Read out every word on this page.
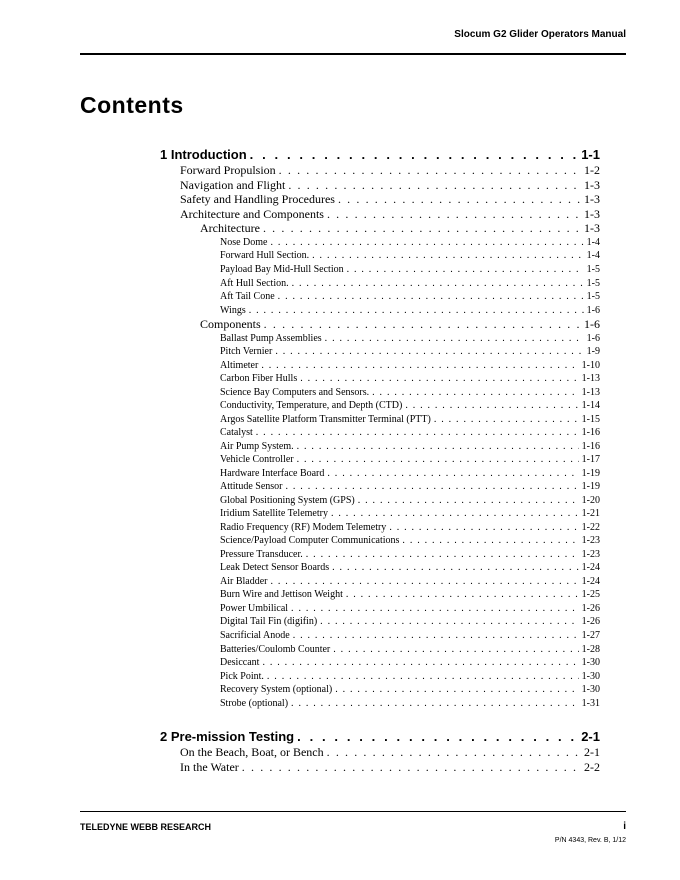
Slocum G2 Glider Operators Manual
Contents
1 Introduction . . .	1-1
Forward Propulsion . . .	1-2
Navigation and Flight . . .	1-3
Safety and Handling Procedures . . .	1-3
Architecture and Components . . .	1-3
Architecture . . .	1-3
Nose Dome . . .	1-4
Forward Hull Section. . . .	1-4
Payload Bay Mid-Hull Section . . .	1-5
Aft Hull Section. . . .	1-5
Aft Tail Cone . . .	1-5
Wings . . .	1-6
Components . . .	1-6
Ballast Pump Assemblies . . .	1-6
Pitch Vernier . . .	1-9
Altimeter . . .	1-10
Carbon Fiber Hulls . . .	1-13
Science Bay Computers and Sensors. . . .	1-13
Conductivity, Temperature, and Depth (CTD) . . .	1-14
Argos Satellite Platform Transmitter Terminal (PTT) . . .	1-15
Catalyst . . .	1-16
Air Pump System. . . .	1-16
Vehicle Controller . . .	1-17
Hardware Interface Board . . .	1-19
Attitude Sensor . . .	1-19
Global Positioning System (GPS) . . .	1-20
Iridium Satellite Telemetry . . .	1-21
Radio Frequency (RF) Modem Telemetry . . .	1-22
Science/Payload Computer Communications . . .	1-23
Pressure Transducer. . . .	1-23
Leak Detect Sensor Boards . . .	1-24
Air Bladder . . .	1-24
Burn Wire and Jettison Weight . . .	1-25
Power Umbilical . . .	1-26
Digital Tail Fin (digifin) . . .	1-26
Sacrificial Anode . . .	1-27
Batteries/Coulomb Counter . . .	1-28
Desiccant . . .	1-30
Pick Point. . . .	1-30
Recovery System (optional) . . .	1-30
Strobe (optional) . . .	1-31
2 Pre-mission Testing . . .	2-1
On the Beach, Boat, or Bench . . .	2-1
In the Water . . .	2-2
TELEDYNE WEBB RESEARCH	i
P/N 4343, Rev. B, 1/12
